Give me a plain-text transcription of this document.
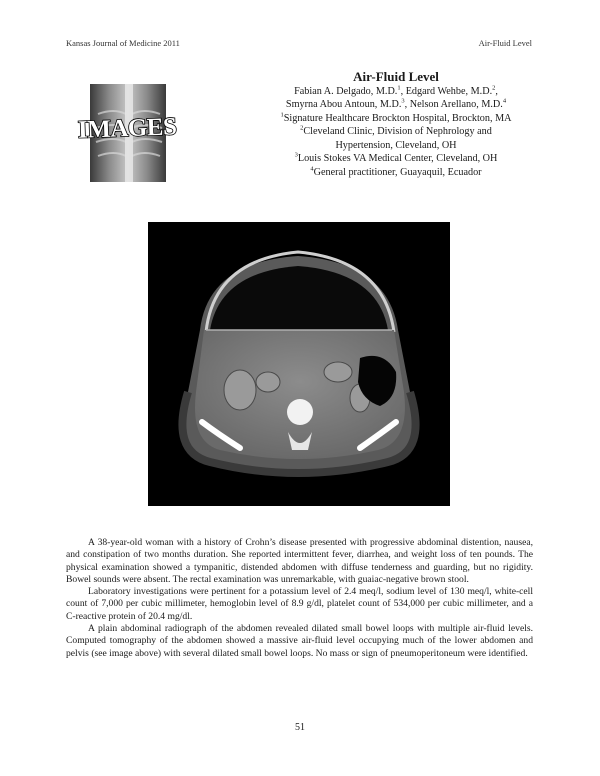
Kansas Journal of Medicine 2011	Air-Fluid Level
IMAGES
Air-Fluid Level
Fabian A. Delgado, M.D.$^1$, Edgard Wehbe, M.D.$^2$,
Smyrna Abou Antoun, M.D.$^3$, Nelson Arellano, M.D.$^4$
$^1$Signature Healthcare Brockton Hospital, Brockton, MA
$^2$Cleveland Clinic, Division of Nephrology and
Hypertension, Cleveland, OH
$^3$Louis Stokes VA Medical Center, Cleveland, OH
$^4$General practitioner, Guayaquil, Ecuador

A 38-year-old woman with a history of Crohn’s disease presented with progressive abdominal distention, nausea, and constipation of two months duration. She reported intermittent fever, diarrhea, and weight loss of ten pounds. The physical examination showed a tympanitic, distended abdomen with diffuse tenderness and guarding, but no rigidity. Bowel sounds were absent. The rectal examination was unremarkable, with guaiac-negative brown stool.

Laboratory investigations were pertinent for a potassium level of 2.4 meq/l, sodium level of 130 meq/l, white-cell count of 7,000 per cubic millimeter, hemoglobin level of 8.9 g/dl, platelet count of 534,000 per cubic millimeter, and a C-reactive protein of 20.4 mg/dl.

A plain abdominal radiograph of the abdomen revealed dilated small bowel loops with multiple air-fluid levels. Computed tomography of the abdomen showed a massive air-fluid level occupying much of the lower abdomen and pelvis (see image above) with several dilated small bowel loops. No mass or sign of pneumoperitoneum were identified.

51
